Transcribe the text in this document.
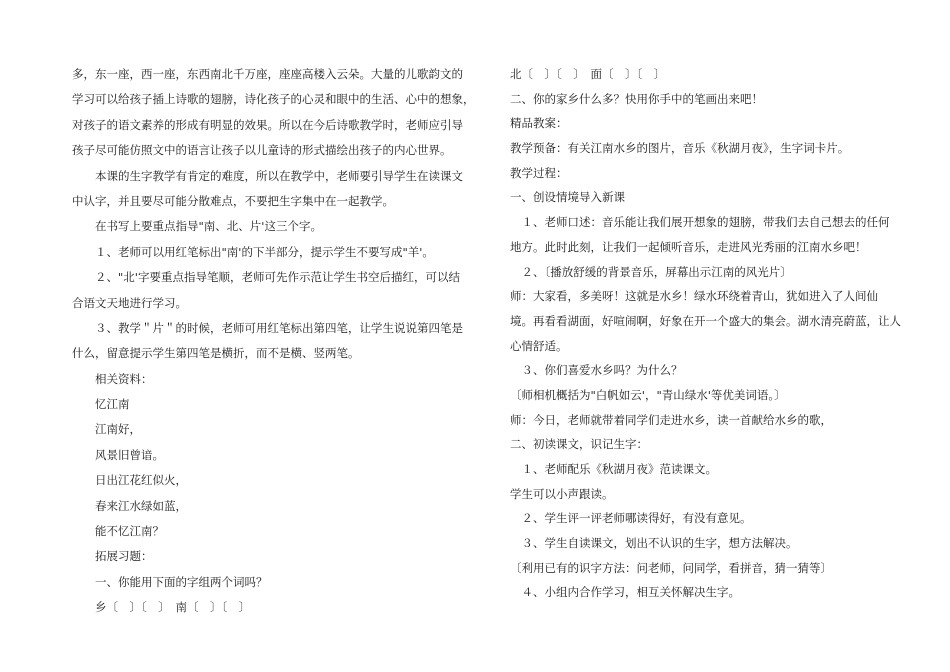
多，东一座，西一座，东西南北千万座，座座高楼入云朵。大量的儿歌韵文的
学习可以给孩子插上诗歌的翅膀，诗化孩子的心灵和眼中的生活、心中的想象，
对孩子的语文素养的形成有明显的效果。所以在今后诗歌教学时，老师应引导
孩子尽可能仿照文中的语言让孩子以儿童诗的形式描绘出孩子的内心世界。
　　本课的生字教学有肯定的难度，所以在教学中，老师要引导学生在读课文
中认字，并且要尽可能分散难点，不要把生字集中在一起教学。
　　在书写上要重点指导"南、北、片'这三个字。
　　１、老师可以用红笔标出"南'的下半部分，提示学生不要写成"羊'。
　　２、"北'字要重点指导笔顺，老师可先作示范让学生书空后描红，可以结
合语文天地进行学习。
　　３、教学＂片＂的时候，老师可用红笔标出第四笔，让学生说说第四笔是
什么，留意提示学生第四笔是横折，而不是横、竖两笔。
　　相关资料：
　　忆江南
　　江南好，
　　风景旧曾谙。
　　日出江花红似火，
　　春来江水绿如蓝，
　　能不忆江南？
　　拓展习题：
　　一、你能用下面的字组两个词吗？
　　乡〔　〕〔　〕　南〔　〕〔　〕
北〔　〕〔　〕　面〔　〕〔　〕
二、你的家乡什么多？快用你手中的笔画出来吧！
精品教案：
教学预备：有关江南水乡的图片，音乐《秋湖月夜》，生字词卡片。
教学过程：
一、创设情境导入新课
　１、老师口述：音乐能让我们展开想象的翅膀，带我们去自己想去的任何
地方。此时此刻，让我们一起倾听音乐，走进风光秀丽的江南水乡吧！
　２、〔播放舒缓的背景音乐，屏幕出示江南的风光片〕
师：大家看，多美呀！这就是水乡！绿水环绕着青山，犹如进入了人间仙
境。再看看湖面，好喧闹啊，好象在开一个盛大的集会。湖水清亮蔚蓝，让人
心情舒适。
　３、你们喜爱水乡吗？为什么？
〔师相机概括为"白帆如云'，"青山绿水'等优美词语。〕
师：今日，老师就带着同学们走进水乡，读一首献给水乡的歌，
二、初读课文，识记生字：
　１、老师配乐《秋湖月夜》范读课文。
学生可以小声跟读。
　２、学生评一评老师哪读得好，有没有意见。
　３、学生自读课文，划出不认识的生字，想方法解决。
〔利用已有的识字方法：问老师，问同学，看拼音，猜一猜等〕
　４、小组内合作学习，相互关怀解决生字。
